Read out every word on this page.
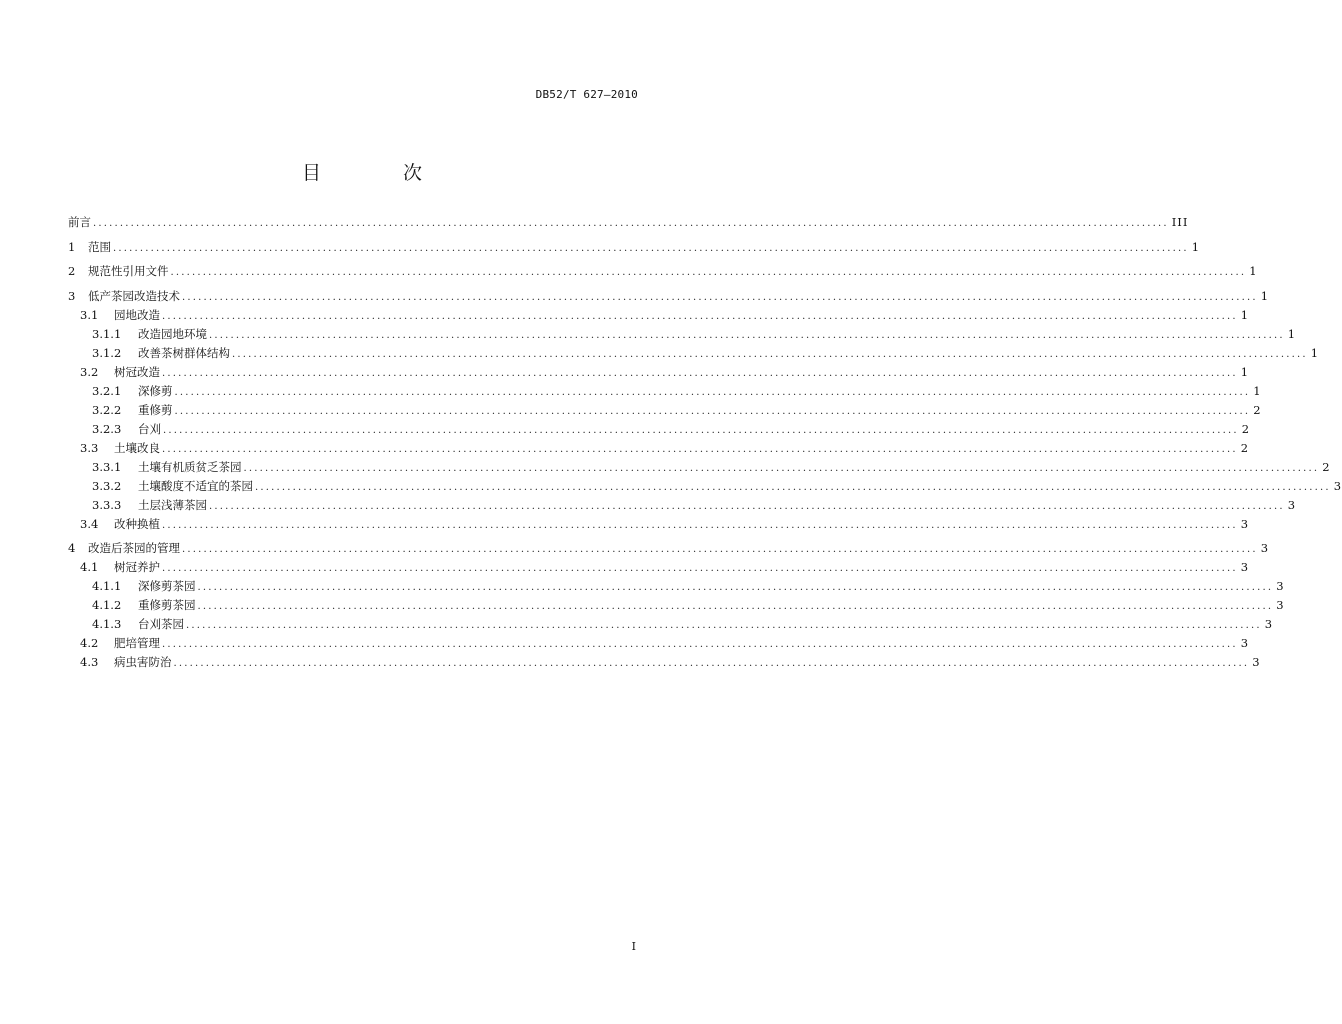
DB52/T 627—2010
目 次
前言 ........................................................................................................................................................................................................ III
1	范围 ........................................................................................................................................................................................................ 1
2	规范性引用文件 ........................................................................................................................................................................................................ 1
3	低产茶园改造技术 ........................................................................................................................................................................................................ 1
3.1	园地改造 ........................................................................................................................................................................................................ 1
3.1.1	改造园地环境 ........................................................................................................................................................................................................ 1
3.1.2	改善茶树群体结构 ........................................................................................................................................................................................................ 1
3.2	树冠改造 ........................................................................................................................................................................................................ 1
3.2.1	深修剪 ........................................................................................................................................................................................................ 1
3.2.2	重修剪 ........................................................................................................................................................................................................ 2
3.2.3	台刈 ........................................................................................................................................................................................................ 2
3.3	土壤改良 ........................................................................................................................................................................................................ 2
3.3.1	土壤有机质贫乏茶园 ........................................................................................................................................................................................................ 2
3.3.2	土壤酸度不适宜的茶园 ........................................................................................................................................................................................................ 3
3.3.3	土层浅薄茶园 ........................................................................................................................................................................................................ 3
3.4	改种换植 ........................................................................................................................................................................................................ 3
4	改造后茶园的管理 ........................................................................................................................................................................................................ 3
4.1	树冠养护 ........................................................................................................................................................................................................ 3
4.1.1	深修剪茶园 ........................................................................................................................................................................................................ 3
4.1.2	重修剪茶园 ........................................................................................................................................................................................................ 3
4.1.3	台刈茶园 ........................................................................................................................................................................................................ 3
4.2	肥培管理 ........................................................................................................................................................................................................ 3
4.3	病虫害防治 ........................................................................................................................................................................................................ 3
I
